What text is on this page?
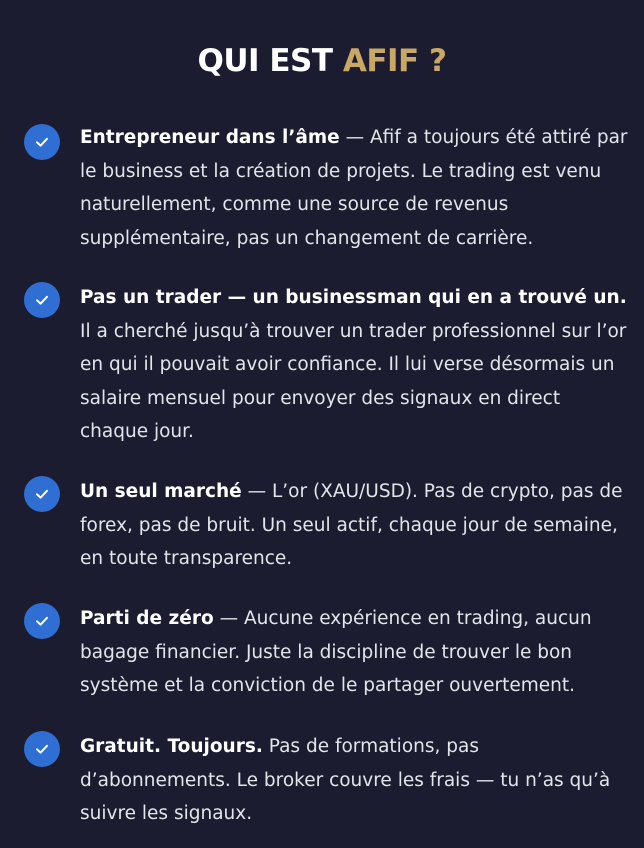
QUI EST AFIF ?

Entrepreneur dans l’âme — Afif a toujours été attiré par le business et la création de projets. Le trading est venu naturellement, comme une source de revenus supplémentaire, pas un changement de carrière.

Pas un trader — un businessman qui en a trouvé un. Il a cherché jusqu’à trouver un trader professionnel sur l’or en qui il pouvait avoir confiance. Il lui verse désormais un salaire mensuel pour envoyer des signaux en direct chaque jour.

Un seul marché — L’or (XAU/USD). Pas de crypto, pas de forex, pas de bruit. Un seul actif, chaque jour de semaine, en toute transparence.

Parti de zéro — Aucune expérience en trading, aucun bagage financier. Juste la discipline de trouver le bon système et la conviction de le partager ouvertement.

Gratuit. Toujours. Pas de formations, pas d’abonnements. Le broker couvre les frais — tu n’as qu’à suivre les signaux.
